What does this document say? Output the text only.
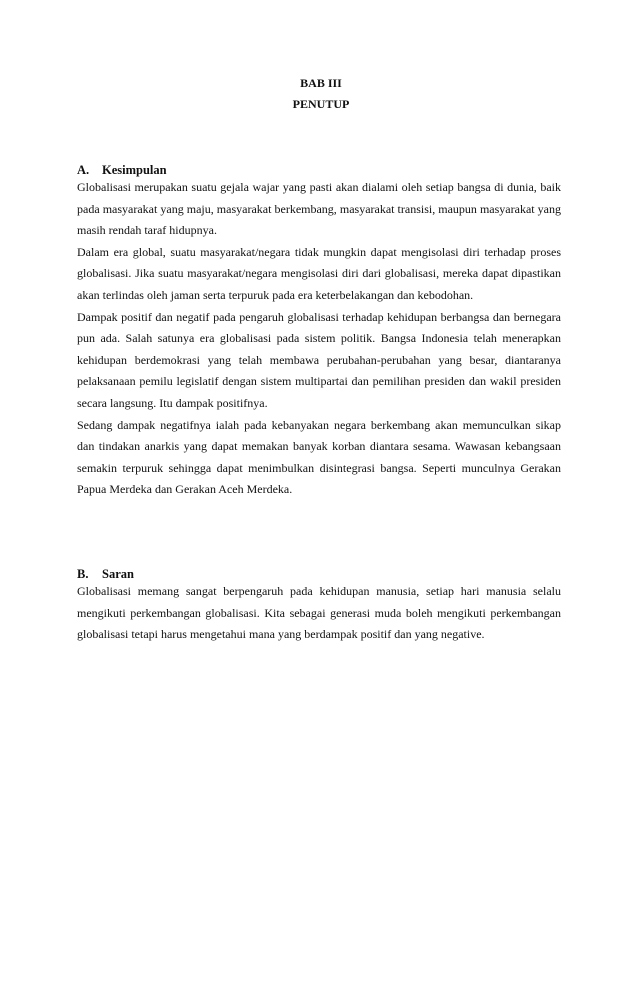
BAB III
PENUTUP
A. Kesimpulan

Globalisasi merupakan suatu gejala wajar yang pasti akan dialami oleh setiap bangsa di dunia, baik pada masyarakat yang maju, masyarakat berkembang, masyarakat transisi, maupun masyarakat yang masih rendah taraf hidupnya.

Dalam era global, suatu masyarakat/negara tidak mungkin dapat mengisolasi diri terhadap proses globalisasi. Jika suatu masyarakat/negara mengisolasi diri dari globalisasi, mereka dapat dipastikan akan terlindas oleh jaman serta terpuruk pada era keterbelakangan dan kebodohan.

Dampak positif dan negatif pada pengaruh globalisasi terhadap kehidupan berbangsa dan bernegara pun ada. Salah satunya era globalisasi pada sistem politik. Bangsa Indonesia telah menerapkan kehidupan berdemokrasi yang telah membawa perubahan-perubahan yang besar, diantaranya pelaksanaan pemilu legislatif dengan sistem multipartai dan pemilihan presiden dan wakil presiden secara langsung. Itu dampak positifnya.

Sedang dampak negatifnya ialah pada kebanyakan negara berkembang akan memunculkan sikap dan tindakan anarkis yang dapat memakan banyak korban diantara sesama. Wawasan kebangsaan semakin terpuruk sehingga dapat menimbulkan disintegrasi bangsa. Seperti munculnya Gerakan Papua Merdeka dan Gerakan Aceh Merdeka.

B. Saran

Globalisasi memang sangat berpengaruh pada kehidupan manusia, setiap hari manusia selalu mengikuti perkembangan globalisasi. Kita sebagai generasi muda boleh mengikuti perkembangan globalisasi tetapi harus mengetahui mana yang berdampak positif dan yang negative.
